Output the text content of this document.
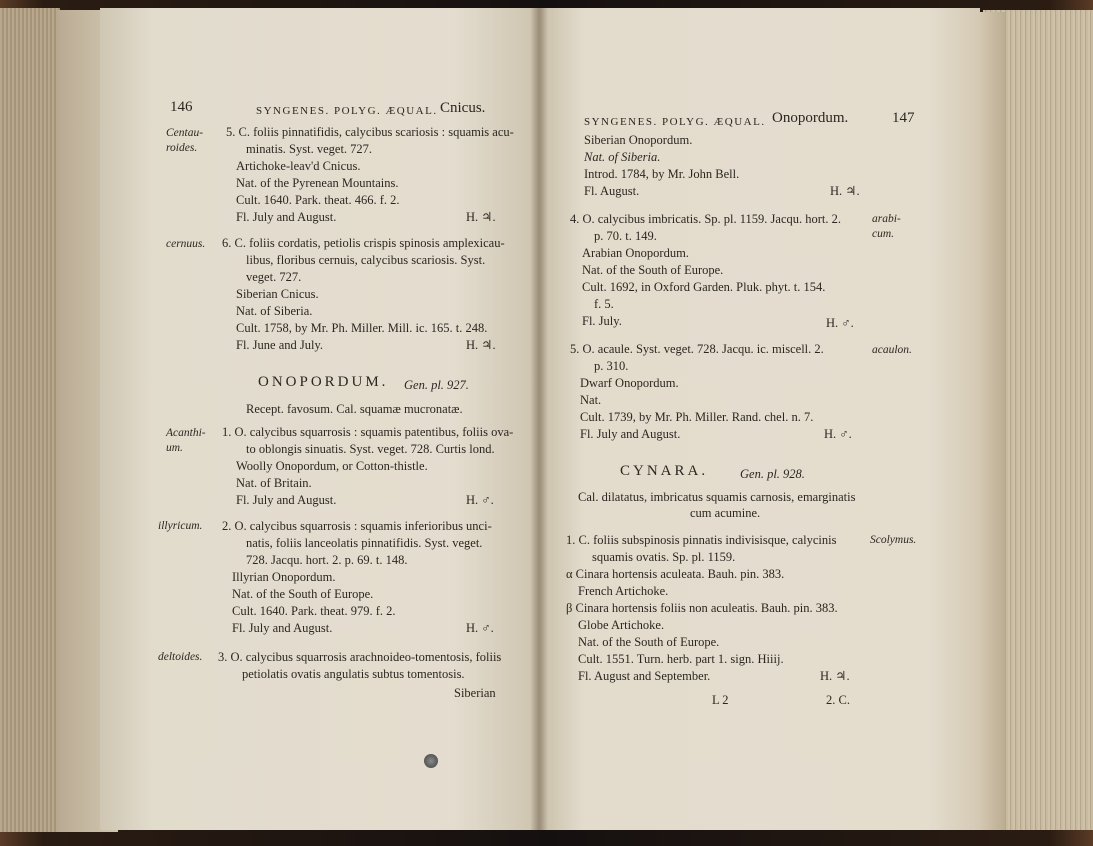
146	SYNGENES. POLYG. ÆQUAL. Cnicus.
Centau-
roides.
5. C. foliis pinnatifidis, calycibus scariosis : squamis acu-
minatis. Syst. veget. 727.
Artichoke-leav'd Cnicus.
Nat. of the Pyrenean Mountains.
Cult. 1640. Park. theat. 466. f. 2.
Fl. July and August.	H. ♃.
cernuus. 6. C. foliis cordatis, petiolis crispis spinosis amplexicau-
libus, floribus cernuis, calycibus scariosis. Syst.
veget. 727.
Siberian Cnicus.
Nat. of Siberia.
Cult. 1758, by Mr. Ph. Miller. Mill. ic. 165. t. 248.
Fl. June and July.	H. ♃.
ONOPORDUM. Gen. pl. 927.
Recept. favosum. Cal. squamæ mucronatæ.
Acanthi-
um.
1. O. calycibus squarrosis : squamis patentibus, foliis ova-
to oblongis sinuatis. Syst. veget. 728. Curtis lond.
Woolly Onopordum, or Cotton-thistle.
Nat. of Britain.
Fl. July and August.	H. ♂.
illyricum. 2. O. calycibus squarrosis : squamis inferioribus unci-
natis, foliis lanceolatis pinnatifidis. Syst. veget.
728. Jacqu. hort. 2. p. 69. t. 148.
Illyrian Onopordum.
Nat. of the South of Europe.
Cult. 1640. Park. theat. 979. f. 2.
Fl. July and August.	H. ♂.
deltoides. 3. O. calycibus squarrosis arachnoideo-tomentosis, foliis
petiolatis ovatis angulatis subtus tomentosis.
Siberian
SYNGENES. POLYG. ÆQUAL. Onopordum.	147
Siberian Onopordum.
Nat. of Siberia.
Introd. 1784, by Mr. John Bell.
Fl. August.	H. ♃.
4. O. calycibus imbricatis. Sp. pl. 1159. Jacqu. hort. 2.	arabi-
cum.
p. 70. t. 149.
Arabian Onopordum.
Nat. of the South of Europe.
Cult. 1692, in Oxford Garden. Pluk. phyt. t. 154.
f. 5.
Fl. July.	H. ♂.
5. O. acaule. Syst. veget. 728. Jacqu. ic. miscell. 2.	acaulon.
p. 310.
Dwarf Onopordum.
Nat.
Cult. 1739, by Mr. Ph. Miller. Rand. chel. n. 7.
Fl. July and August.	H. ♂.
CYNARA.	Gen. pl. 928.
Cal. dilatatus, imbricatus squamis carnosis, emarginatis
cum acumine.
1. C. foliis subspinosis pinnatis indivisisque, calycinis	Scolymus.
squamis ovatis. Sp. pl. 1159.
α Cinara hortensis aculeata. Bauh. pin. 383.
French Artichoke.
β Cinara hortensis foliis non aculeatis. Bauh. pin. 383.
Globe Artichoke.
Nat. of the South of Europe.
Cult. 1551. Turn. herb. part 1. sign. Hiiij.
Fl. August and September.	H. ♃.
L 2	2. C.
